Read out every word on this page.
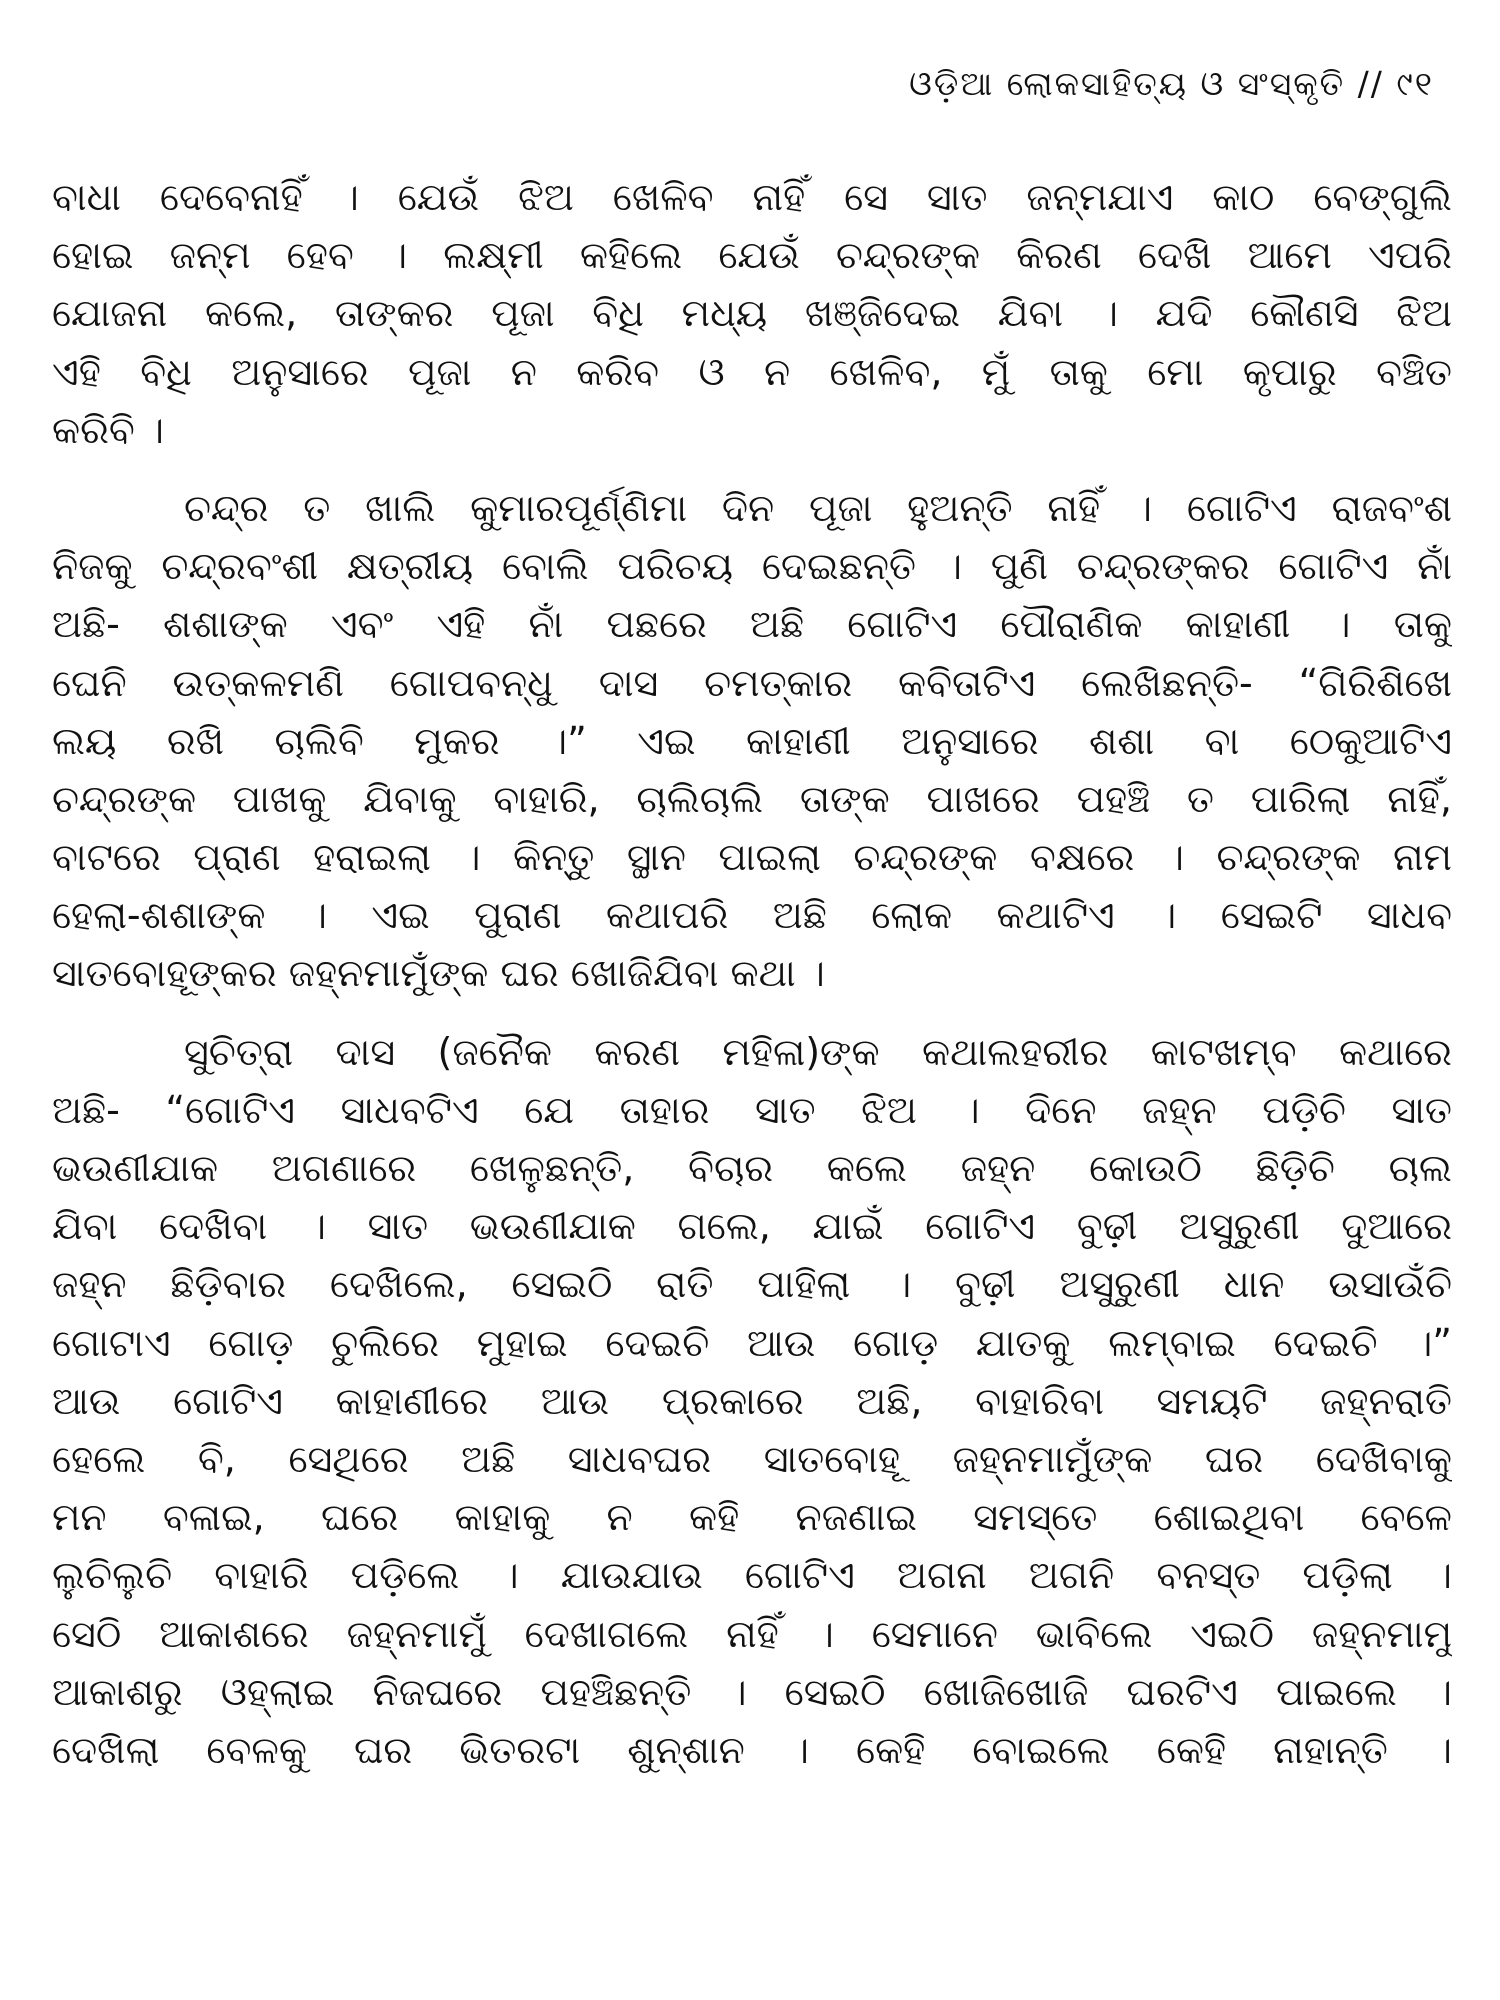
ଓଡ଼ିଆ ଲୋକସାହିତ୍ୟ ଓ ସଂସ୍କୃତି // ୯୧
ବାଧା ଦେବେନାହିଁ । ଯେଉଁ ଝିଅ ଖେଳିବ ନାହିଁ ସେ ସାତ ଜନ୍ମଯାଏ କାଠ ବେଙ୍ଗୁଲି
ହୋଇ ଜନ୍ମ ହେବ । ଲକ୍ଷ୍ମୀ କହିଲେ ଯେଉଁ ଚନ୍ଦ୍ରଙ୍କ କିରଣ ଦେଖି ଆମେ ଏପରି
ଯୋଜନା କଲେ, ତାଙ୍କର ପୂଜା ବିଧି ମଧ୍ୟ ଖଞ୍ଜିଦେଇ ଯିବା । ଯଦି କୌଣସି ଝିଅ
ଏହି ବିଧି ଅନୁସାରେ ପୂଜା ନ କରିବ ଓ ନ ଖେଳିବ, ମୁଁ ତାକୁ ମୋ କୃପାରୁ ବଞ୍ଚିତ
କରିବି ।
ଚନ୍ଦ୍ର ତ ଖାଲି କୁମାରପୂର୍ଣ୍ଣିମା ଦିନ ପୂଜା ହୁଅନ୍ତି ନାହିଁ । ଗୋଟିଏ ରାଜବଂଶ
ନିଜକୁ ଚନ୍ଦ୍ରବଂଶୀ କ୍ଷତ୍ରୀୟ ବୋଲି ପରିଚୟ ଦେଇଛନ୍ତି । ପୁଣି ଚନ୍ଦ୍ରଙ୍କର ଗୋଟିଏ ନାଁ
ଅଛି- ଶଶାଙ୍କ ଏବଂ ଏହି ନାଁ ପଛରେ ଅଛି ଗୋଟିଏ ପୌରାଣିକ କାହାଣୀ । ତାକୁ
ଘେନି ଉତ୍କଳମଣି ଗୋପବନ୍ଧୁ ଦାସ ଚମତ୍କାର କବିତାଟିଏ ଲେଖିଛନ୍ତି- “ଗିରିଶିଖେ
ଲୟ ରଖି ଚାଲିବି ମୁକର ।” ଏଇ କାହାଣୀ ଅନୁସାରେ ଶଶା ବା ଠେକୁଆଟିଏ
ଚନ୍ଦ୍ରଙ୍କ ପାଖକୁ ଯିବାକୁ ବାହାରି, ଚାଲିଚାଲି ତାଙ୍କ ପାଖରେ ପହଞ୍ଚି ତ ପାରିଲା ନାହିଁ,
ବାଟରେ ପ୍ରାଣ ହରାଇଲା । କିନ୍ତୁ ସ୍ଥାନ ପାଇଲା ଚନ୍ଦ୍ରଙ୍କ ବକ୍ଷରେ । ଚନ୍ଦ୍ରଙ୍କ ନାମ
ହେଲା-ଶଶାଙ୍କ । ଏଇ ପୁରାଣ କଥାପରି ଅଛି ଲୋକ କଥାଟିଏ । ସେଇଟି ସାଧବ
ସାତବୋହୂଙ୍କର ଜହ୍ନମାମୁଁଙ୍କ ଘର ଖୋଜିଯିବା କଥା ।
ସୁଚିତ୍ରା ଦାସ (ଜନୈକ କରଣ ମହିଳା)ଙ୍କ କଥାଲହରୀର କାଟଖମ୍ବ କଥାରେ
ଅଛି- “ଗୋଟିଏ ସାଧବଟିଏ ଯେ ତାହାର ସାତ ଝିଅ । ଦିନେ ଜହ୍ନ ପଡ଼ିଚି ସାତ
ଭଉଣୀଯାକ ଅଗଣାରେ ଖେଳୁଛନ୍ତି, ବିଚାର କଲେ ଜହ୍ନ କୋଉଠି ଛିଡ଼ିଚି ଚାଲ
ଯିବା ଦେଖିବା । ସାତ ଭଉଣୀଯାକ ଗଲେ, ଯାଇଁ ଗୋଟିଏ ବୁଢ଼ୀ ଅସୁରୁଣୀ ଦୁଆରେ
ଜହ୍ନ ଛିଡ଼ିବାର ଦେଖିଲେ, ସେଇଠି ରାତି ପାହିଲା । ବୁଢ଼ୀ ଅସୁରୁଣୀ ଧାନ ଉସାଉଁଚି
ଗୋଟାଏ ଗୋଡ଼ ଚୁଲିରେ ମୁହାଇ ଦେଇଚି ଆଉ ଗୋଡ଼ ଯାତକୁ ଲମ୍ବାଇ ଦେଇଚି ।”
ଆଉ ଗୋଟିଏ କାହାଣୀରେ ଆଉ ପ୍ରକାରେ ଅଛି, ବାହାରିବା ସମୟଟି ଜହ୍ନରାତି
ହେଲେ ବି, ସେଥିରେ ଅଛି ସାଧବଘର ସାତବୋହୂ ଜହ୍ନମାମୁଁଙ୍କ ଘର ଦେଖିବାକୁ
ମନ ବଳାଇ, ଘରେ କାହାକୁ ନ କହି ନଜଣାଇ ସମସ୍ତେ ଶୋଇଥିବା ବେଳେ
ଲୁଚିଲୁଚି ବାହାରି ପଡ଼ିଲେ । ଯାଉଯାଉ ଗୋଟିଏ ଅଗନା ଅଗନି ବନସ୍ତ ପଡ଼ିଲା ।
ସେଠି ଆକାଶରେ ଜହ୍ନମାମୁଁ ଦେଖାଗଲେ ନାହିଁ । ସେମାନେ ଭାବିଲେ ଏଇଠି ଜହ୍ନମାମୁ
ଆକାଶରୁ ଓହ୍ଲାଇ ନିଜଘରେ ପହଞ୍ଚିଛନ୍ତି । ସେଇଠି ଖୋଜିଖୋଜି ଘରଟିଏ ପାଇଲେ ।
ଦେଖିଲା ବେଳକୁ ଘର ଭିତରଟା ଶୁନ୍‌ଶାନ । କେହି ବୋଇଲେ କେହି ନାହାନ୍ତି ।
